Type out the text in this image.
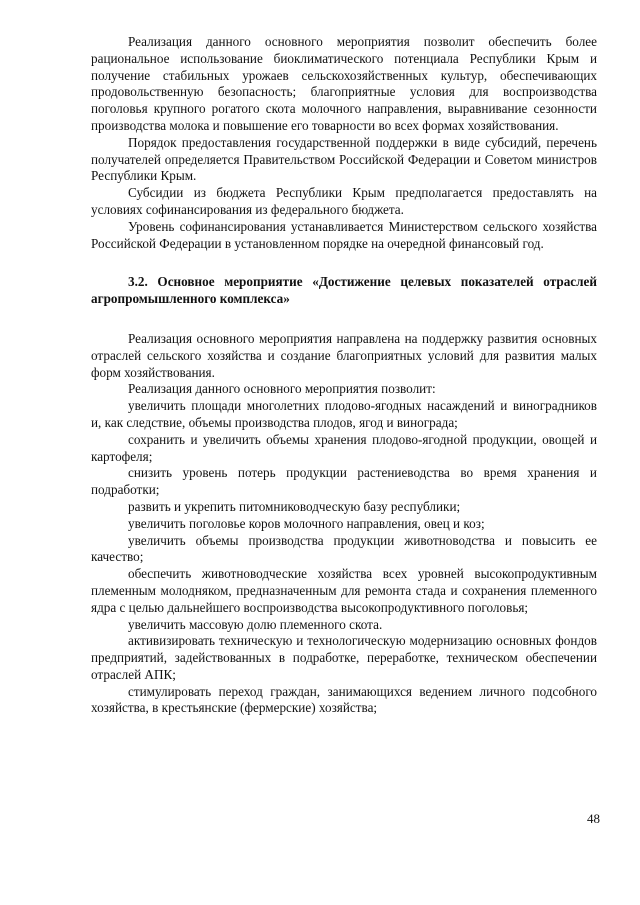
Реализация данного основного мероприятия позволит обеспечить более рациональное использование биоклиматического потенциала Республики Крым и получение стабильных урожаев сельскохозяйственных культур, обеспечивающих продовольственную безопасность; благоприятные условия для воспроизводства поголовья крупного рогатого скота молочного направления, выравнивание сезонности производства молока и повышение его товарности во всех формах хозяйствования.

Порядок предоставления государственной поддержки в виде субсидий, перечень получателей определяется Правительством Российской Федерации и Советом министров Республики Крым.

Субсидии из бюджета Республики Крым предполагается предоставлять на условиях софинансирования из федерального бюджета.

Уровень софинансирования устанавливается Министерством сельского хозяйства Российской Федерации в установленном порядке на очередной финансовый год.

3.2. Основное мероприятие «Достижение целевых показателей отраслей агропромышленного комплекса»

Реализация основного мероприятия направлена на поддержку развития основных отраслей сельского хозяйства и создание благоприятных условий для развития малых форм хозяйствования.

Реализация данного основного мероприятия позволит:

увеличить площади многолетних плодово-ягодных насаждений и виноградников и, как следствие, объемы производства плодов, ягод и винограда;

сохранить и увеличить объемы хранения плодово-ягодной продукции, овощей и картофеля;

снизить уровень потерь продукции растениеводства во время хранения и подработки;

развить и укрепить питомниководческую базу республики;

увеличить поголовье коров молочного направления, овец и коз;

увеличить объемы производства продукции животноводства и повысить ее качество;

обеспечить животноводческие хозяйства всех уровней высокопродуктивным племенным молодняком, предназначенным для ремонта стада и сохранения племенного ядра с целью дальнейшего воспроизводства высокопродуктивного поголовья;

увеличить массовую долю племенного скота.

активизировать техническую и технологическую модернизацию основных фондов предприятий, задействованных в подработке, переработке, техническом обеспечении отраслей АПК;

стимулировать переход граждан, занимающихся ведением личного подсобного хозяйства, в крестьянские (фермерские) хозяйства;

48
